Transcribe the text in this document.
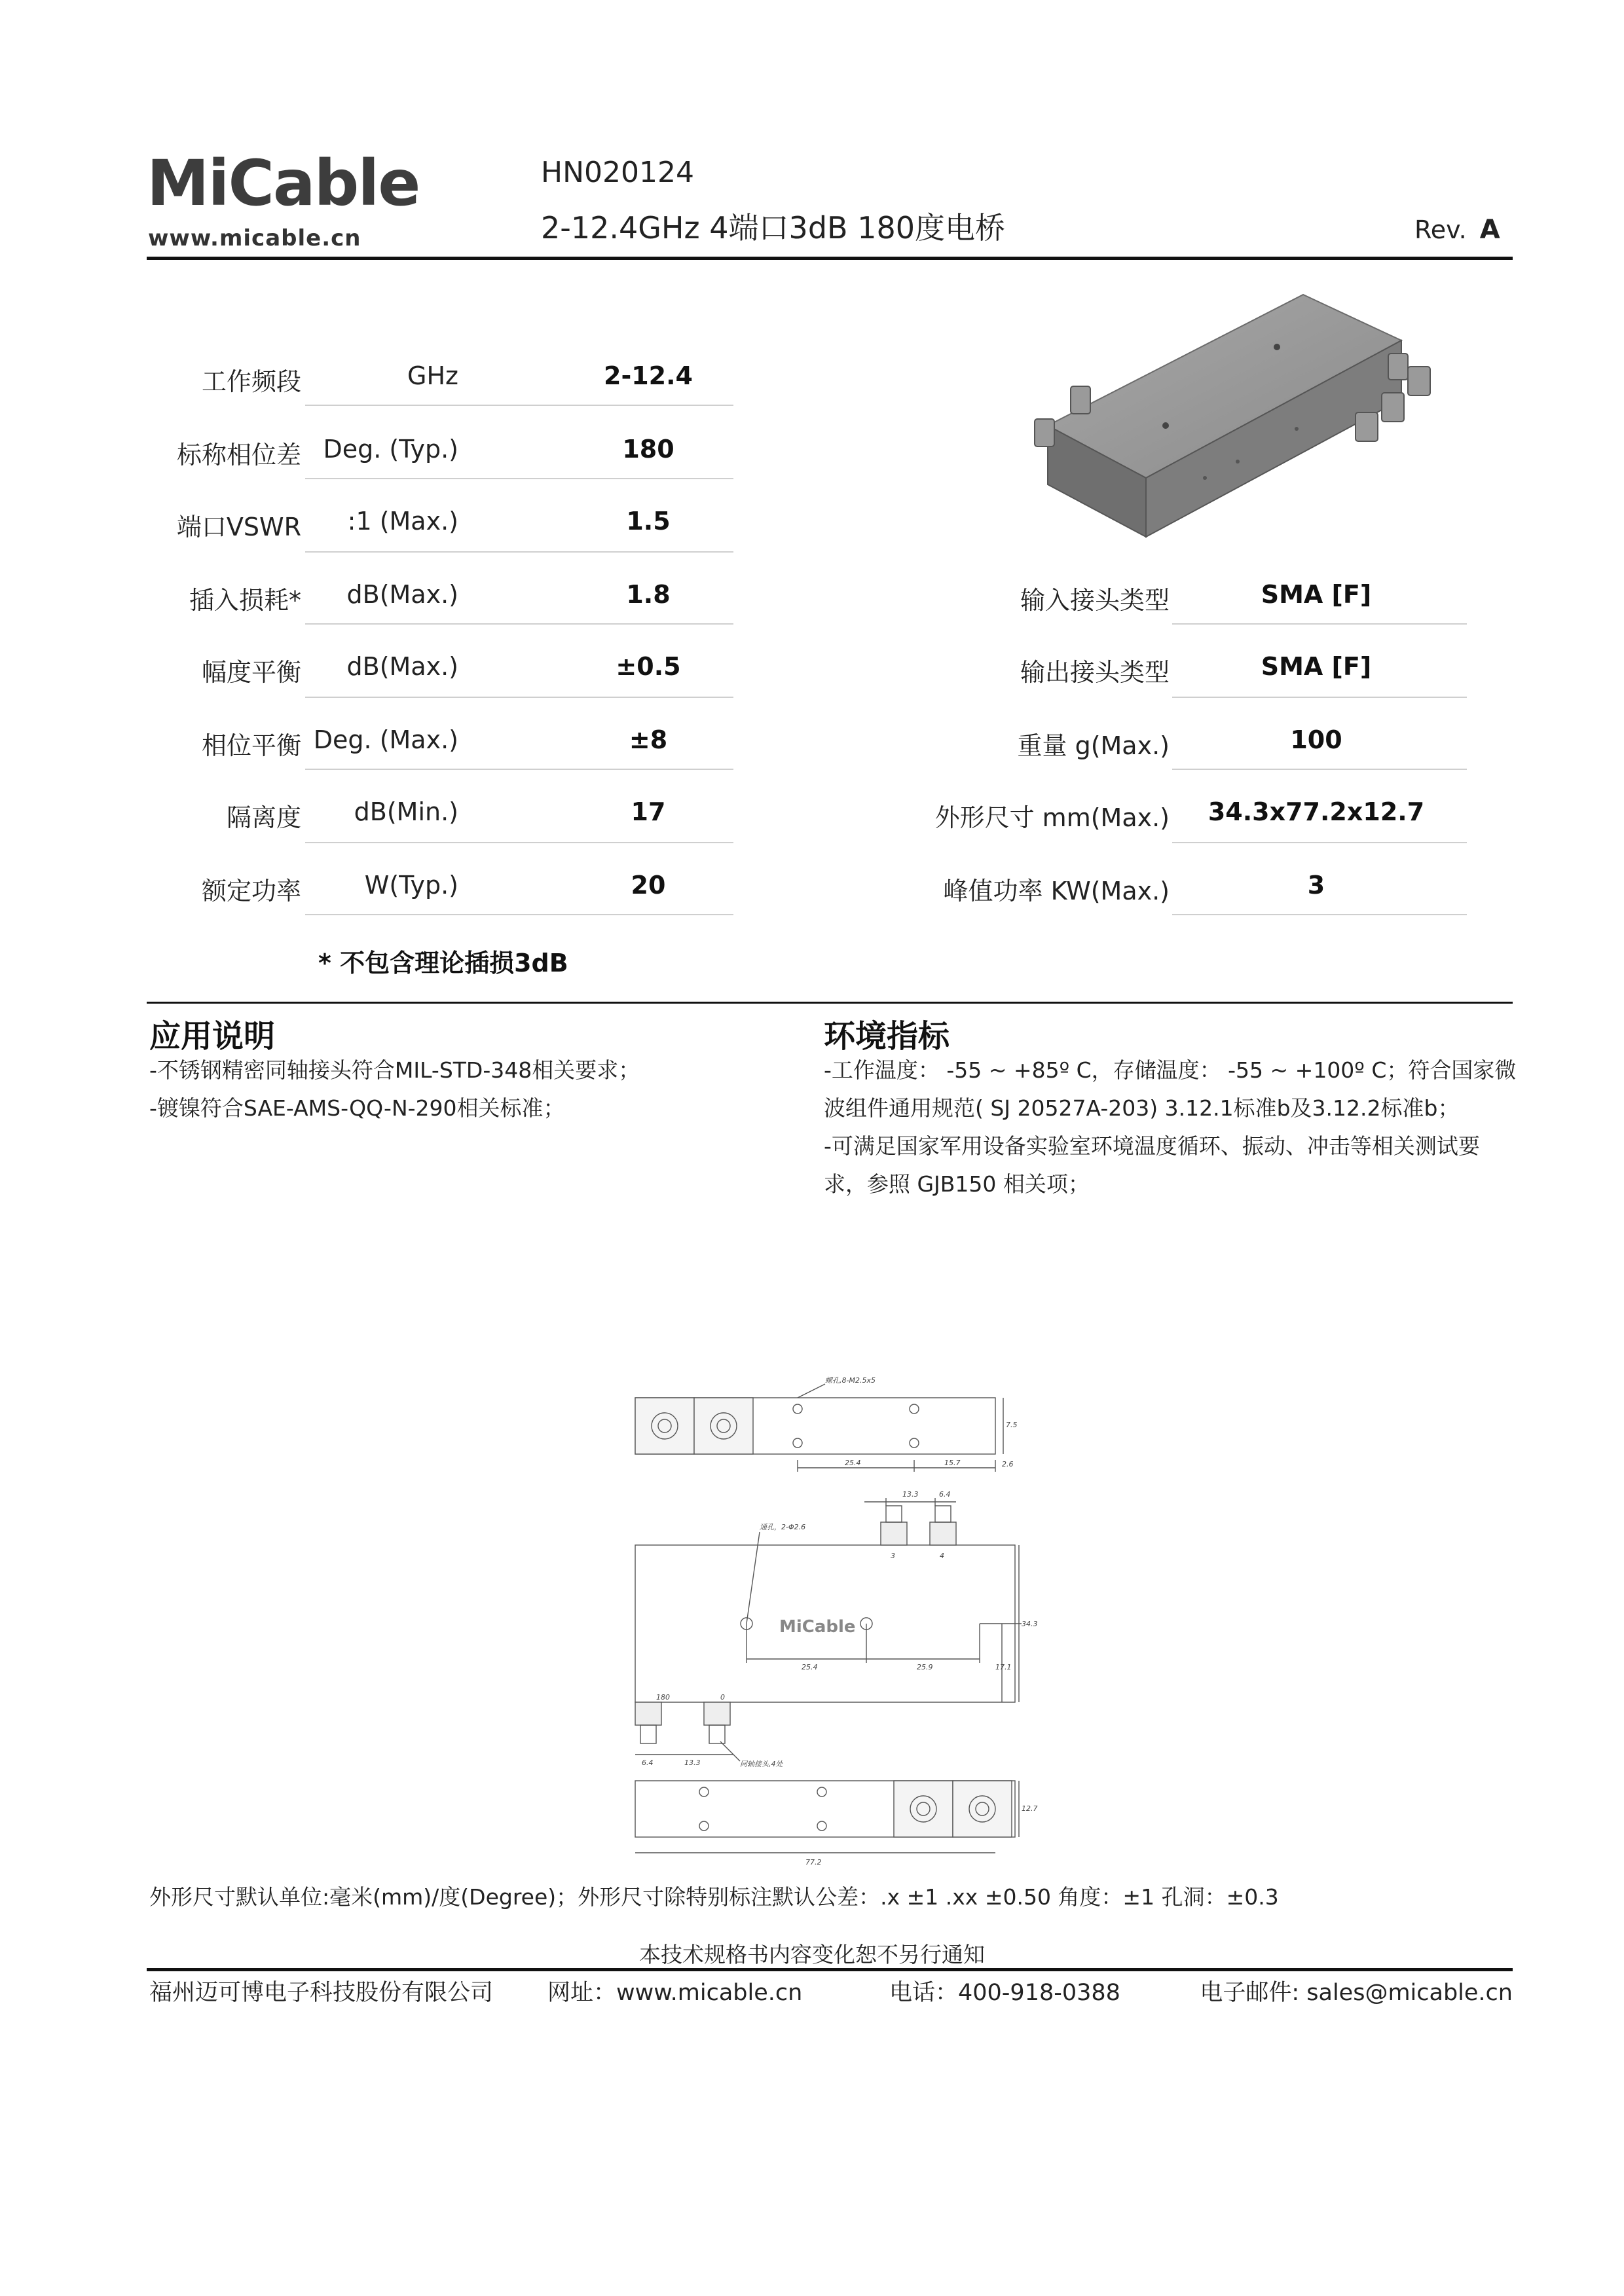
MiCable
www.micable.cn
HN020124
2-12.4GHz 4端口3dB 180度电桥	Rev. A
工作频段	GHz	2-12.4
标称相位差 Deg. (Typ.)	180
端口VSWR :1 (Max.)	1.5
插入损耗* dB(Max.)	1.8
幅度平衡 dB(Max.)	±0.5
相位平衡 Deg. (Max.)	±8
隔离度 dB(Min.)	17
额定功率	W(Typ.)	20
输入接头类型	SMA [F]
输出接头类型	SMA [F]
重量 g(Max.)	100
外形尺寸 mm(Max.) 34.3x77.2x12.7
峰值功率 KW(Max.)	3
* 不包含理论插损3dB
应用说明
-不锈钢精密同轴接头符合MIL-STD-348相关要求；
-镀镍符合SAE-AMS-QQ-N-290相关标准；
环境指标
-工作温度： -55 ~ +85º C，存储温度： -55 ~ +100º C；符合国家微
波组件通用规范( SJ 20527A-203) 3.12.1标准b及3.12.2标准b；
-可满足国家军用设备实验室环境温度循环、振动、冲击等相关测试要
求，参照 GJB150 相关项；
螺孔,8-M2.5x5
7.5
25.4	15.7	2.6
13.3	6.4
3	4
通孔，2-Φ2.6
34.3
17.1
25.4	25.9
180	0
6.4	13.3	同轴接头,4处
12.7
77.2
MiCable
外形尺寸默认单位:毫米(mm)/度(Degree)；外形尺寸除特别标注默认公差：.x ±1 .xx ±0.50 角度：±1 孔洞：±0.3
本技术规格书内容变化恕不另行通知
福州迈可博电子科技股份有限公司 网址：www.micable.cn	电话：400-918-0388	电子邮件: sales@micable.cn
